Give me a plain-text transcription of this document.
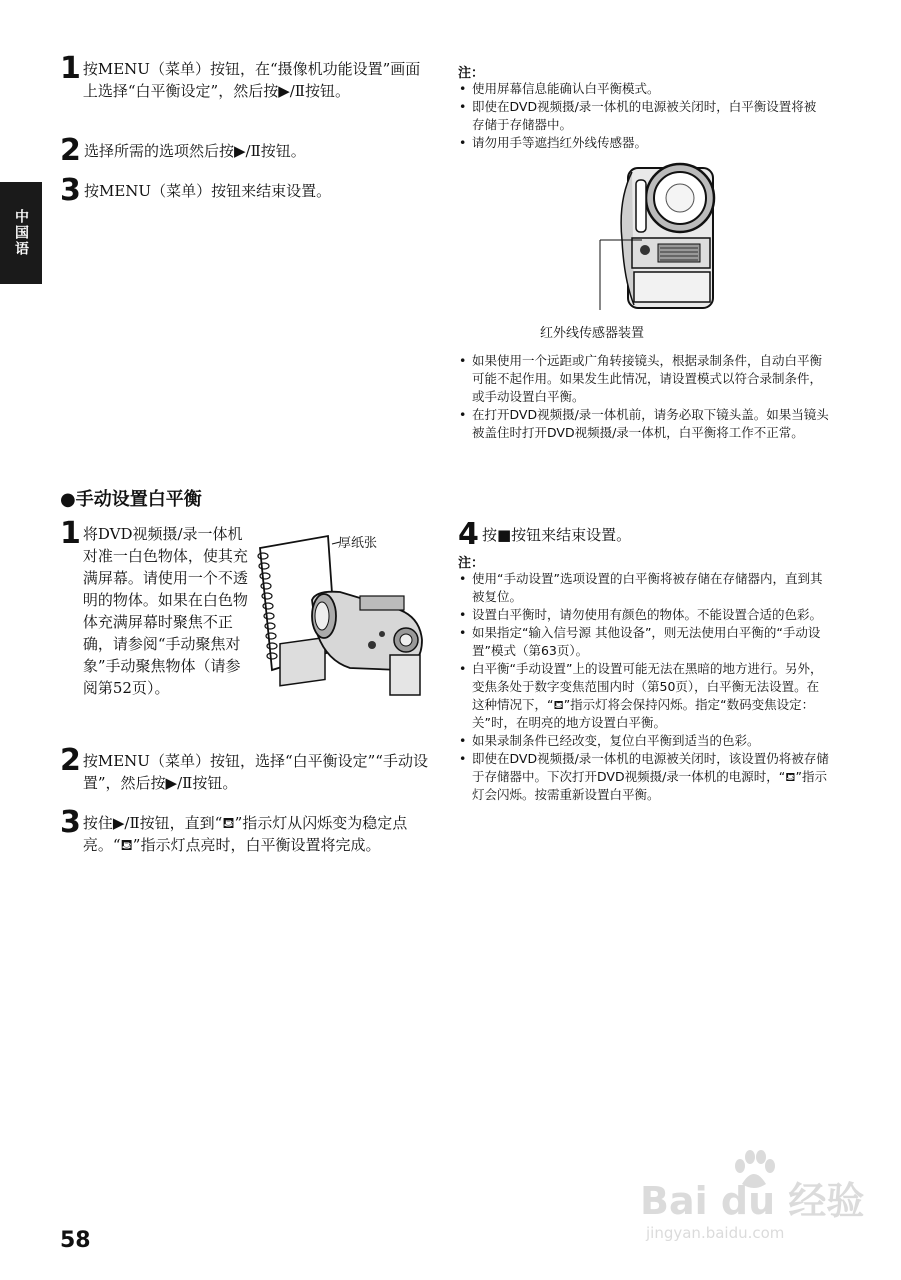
中国语
1 按MENU（菜单）按钮，在“摄像机功能设置”画面上选择“白平衡设定”，然后按▶/Ⅱ按钮。
2 选择所需的选项然后按▶/Ⅱ按钮。
3 按MENU（菜单）按钮来结束设置。
注：
• 使用屏幕信息能确认白平衡模式。
• 即使在DVD视频摄/录一体机的电源被关闭时，白平衡设置将被存储于存储器中。
• 请勿用手等遮挡红外线传感器。
红外线传感器装置
• 如果使用一个远距或广角转接镜头，根据录制条件，自动白平衡可能不起作用。如果发生此情况，请设置模式以符合录制条件，或手动设置白平衡。
• 在打开DVD视频摄/录一体机前，请务必取下镜头盖。如果当镜头被盖住时打开DVD视频摄/录一体机，白平衡将工作不正常。
●手动设置白平衡
1 将DVD视频摄/录一体机对准一白色物体，使其充满屏幕。请使用一个不透明的物体。如果在白色物体充满屏幕时聚焦不正确，请参阅“手动聚焦对象”手动聚焦物体（请参阅第52页）。
厚纸张
2 按MENU（菜单）按钮，选择“白平衡设定”“手动设置”，然后按▶/Ⅱ按钮。
3 按住▶/Ⅱ按钮，直到“⛾”指示灯从闪烁变为稳定点亮。“⛾”指示灯点亮时，白平衡设置将完成。
4 按■按钮来结束设置。
注：
• 使用“手动设置”选项设置的白平衡将被存储在存储器内，直到其被复位。
• 设置白平衡时，请勿使用有颜色的物体。不能设置合适的色彩。
• 如果指定“输入信号源 其他设备”，则无法使用白平衡的“手动设置”模式（第63页）。
• 白平衡“手动设置”上的设置可能无法在黑暗的地方进行。另外，变焦条处于数字变焦范围内时（第50页），白平衡无法设置。在这种情况下，“⛾”指示灯将会保持闪烁。指定“数码变焦设定：关”时，在明亮的地方设置白平衡。
• 如果录制条件已经改变，复位白平衡到适当的色彩。
• 即使在DVD视频摄/录一体机的电源被关闭时，该设置仍将被存储于存储器中。下次打开DVD视频摄/录一体机的电源时，“⛾”指示灯会闪烁。按需重新设置白平衡。
Bai du 经验
jingyan.baidu.com
58
